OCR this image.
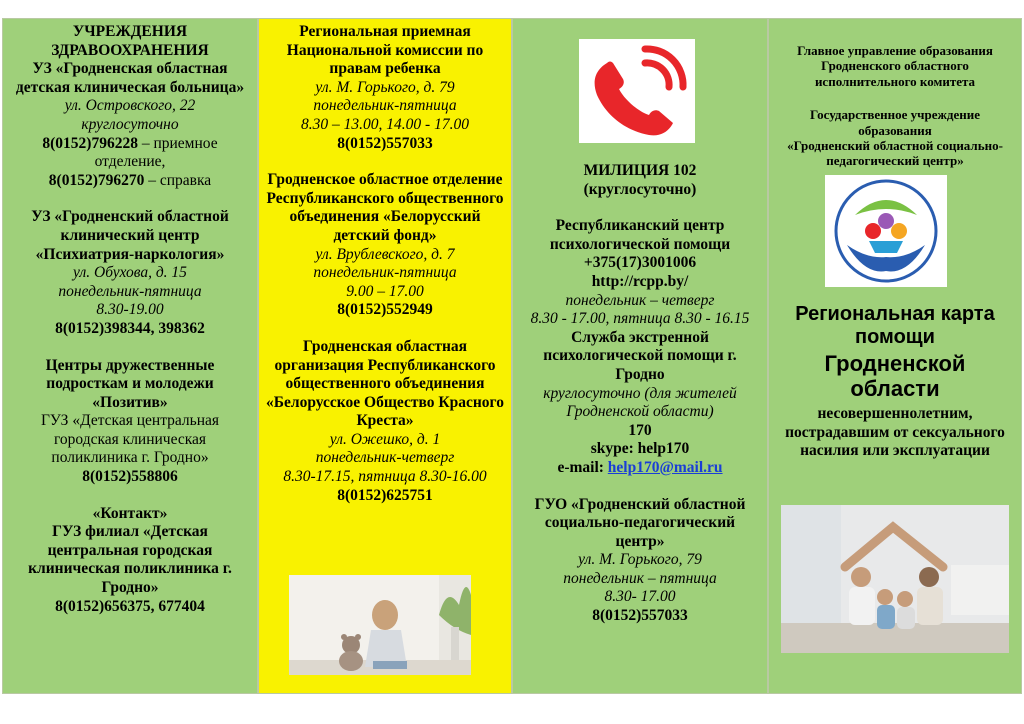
УЧРЕЖДЕНИЯ ЗДРАВООХРАНЕНИЯ
УЗ «Гродненская областная детская клиническая больница»
ул. Островского, 22
круглосуточно
8(0152)796228 – приемное отделение,
8(0152)796270 – справка
УЗ «Гродненский областной клинический центр «Психиатрия-наркология»
ул. Обухова, д. 15
понедельник-пятница
8.30-19.00
8(0152)398344, 398362
Центры дружественные подросткам и молодежи «Позитив»
ГУЗ «Детская центральная городская клиническая поликлиника г. Гродно»
8(0152)558806
«Контакт»
ГУЗ филиал «Детская центральная городская клиническая поликлиника г. Гродно»
8(0152)656375, 677404
Региональная приемная Национальной комиссии по правам ребенка
ул. М. Горького, д. 79
понедельник-пятница
8.30 – 13.00, 14.00 - 17.00
8(0152)557033
Гродненское областное отделение Республиканского общественного объединения «Белорусский детский фонд»
ул. Врублевского, д. 7
понедельник-пятница
9.00 – 17.00
8(0152)552949
Гродненская областная организация Республиканского общественного объединения «Белорусское Общество Красного Креста»
ул. Ожешко, д. 1
понедельник-четверг
8.30-17.15, пятница 8.30-16.00
8(0152)625751
МИЛИЦИЯ 102
(круглосуточно)
Республиканский центр психологической помощи
+375(17)3001006
http://rcpp.by/
понедельник – четверг
8.30 - 17.00, пятница 8.30 - 16.15
Служба экстренной психологической помощи г. Гродно
круглосуточно (для жителей Гродненской области)
170
skype: help170
e-mail: help170@mail.ru
ГУО «Гродненский областной социально-педагогический центр»
ул. М. Горького, 79
понедельник – пятница
8.30- 17.00
8(0152)557033
Главное управление образования Гродненского областного исполнительного комитета
Государственное учреждение образования
«Гродненский областной социально-педагогический центр»
Региональная карта помощи
Гродненской области
несовершеннолетним, пострадавшим от сексуального насилия или эксплуатации
